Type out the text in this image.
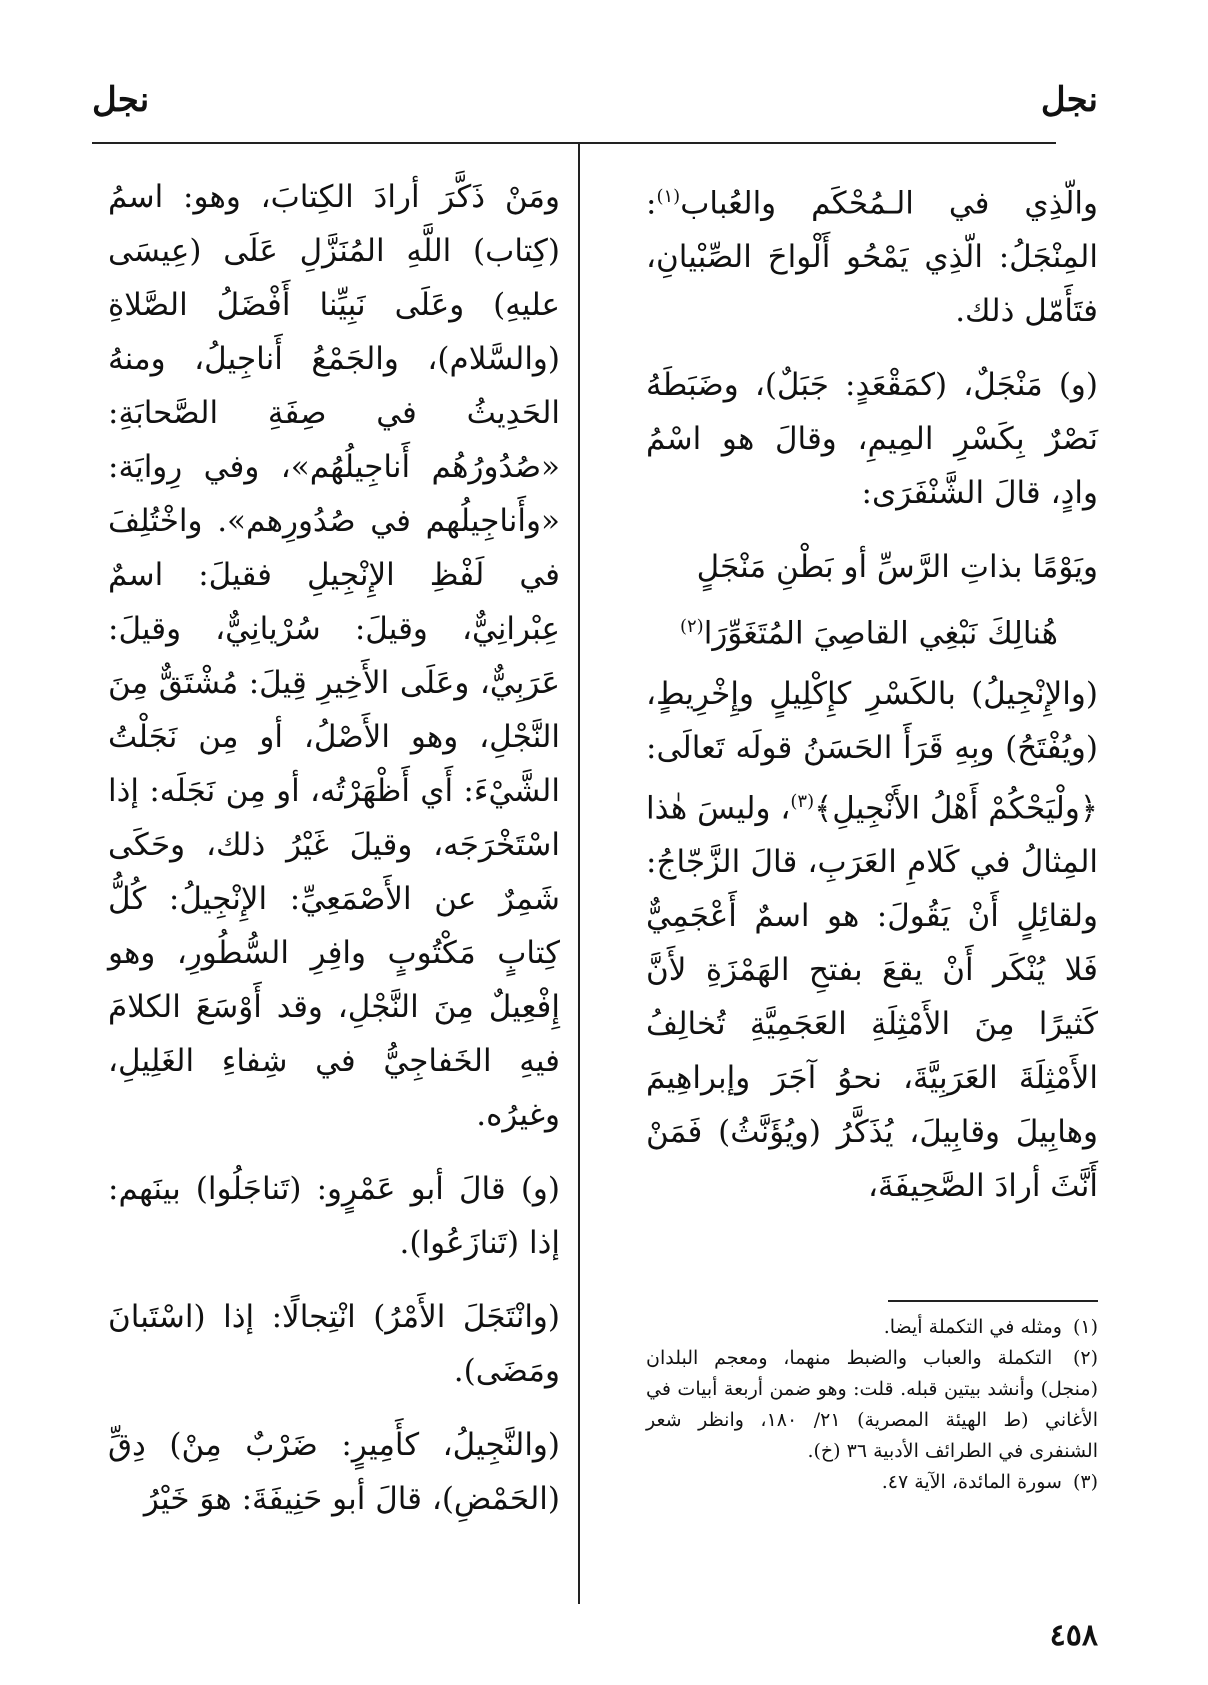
نجل
نجل

والّذِي في الـمُحْكَم والعُباب$^{(١)}$: المِنْجَلُ: الّذِي يَمْحُو أَلْواحَ الصِّبْيانِ، فتَأَمّل ذلك.

(و) مَنْجَلٌ، (كمَقْعَدٍ: جَبَلٌ)، وضَبَطَهُ نَصْرٌ بِكَسْرِ المِيمِ، وقالَ هو اسْمُ وادٍ، قالَ الشَّنْفَرَى:

ويَوْمًا بذاتِ الرَّسِّ أو بَطْنِ مَنْجَلٍ

هُنالِكَ نَبْغِي القاصِيَ المُتَغَوِّرَا$^{(٢)}$

(والإِنْجِيلُ) بالكَسْرِ كإِكْلِيلٍ وإِخْرِيطٍ، (ويُفْتَحُ) وبِهِ قَرَأَ الحَسَنُ قولَه تَعالَى: ﴿ولْيَحْكُمْ أَهْلُ الأَنْجِيلِ﴾$^{(٣)}$، وليسَ هٰذا المِثالُ في كَلامِ العَرَبِ، قالَ الزَّجّاجُ: ولقائِلٍ أَنْ يَقُولَ: هو اسمٌ أَعْجَمِيٌّ فَلا يُنْكَر أَنْ يقعَ بفتحِ الهَمْزَةِ لأَنَّ كَثيرًا مِنَ الأَمْثِلَةِ العَجَمِيَّةِ تُخالِفُ الأَمْثِلَةَ العَرَبِيَّةَ، نحوُ آجَرَ وإبراهِيمَ وهابِيلَ وقابِيلَ، يُذَكَّرُ (ويُؤَنَّثُ) فَمَنْ أَنَّثَ أرادَ الصَّحِيفَةَ،

ومَنْ ذَكَّرَ أرادَ الكِتابَ، وهو: اسمُ (كِتاب) اللَّهِ المُنَزَّلِ عَلَى (عِيسَى عليهِ) وعَلَى نَبِيِّنا أَفْضَلُ الصَّلاةِ (والسَّلام)، والجَمْعُ أَناجِيلُ، ومنهُ الحَدِيثُ في صِفَةِ الصَّحابَةِ: «صُدُورُهُم أَناجِيلُهُم»، وفي رِوايَة: «وأَناجِيلُهم في صُدُورِهم». واخْتُلِفَ في لَفْظِ الإِنْجِيلِ فقيلَ: اسمٌ عِبْرانِيٌّ، وقيلَ: سُرْيانِيٌّ، وقيلَ: عَرَبِيٌّ، وعَلَى الأَخِيرِ قِيلَ: مُشْتَقٌّ مِنَ النَّجْلِ، وهو الأَصْلُ، أو مِن نَجَلْتُ الشَّيْءَ: أَي أَظْهَرْتُه، أو مِن نَجَلَه: إذا اسْتَخْرَجَه، وقيلَ غَيْرُ ذلك، وحَكَى شَمِرٌ عن الأَصْمَعِيِّ: الإِنْجِيلُ: كُلُّ كِتابٍ مَكْتُوبٍ وافِرِ السُّطُورِ، وهو إِفْعِيلٌ مِنَ النَّجْلِ، وقد أَوْسَعَ الكلامَ فيهِ الخَفاجِيُّ في شِفاءِ الغَلِيلِ، وغيرُه.

(و) قالَ أبو عَمْرٍو: (تَناجَلُوا) بينَهم: إذا (تَنازَعُوا).

(وانْتَجَلَ الأَمْرُ) انْتِجالًا: إذا (اسْتَبانَ ومَضَى).

(والنَّجِيلُ، كأَمِيرٍ: ضَرْبٌ مِنْ) دِقِّ (الحَمْضِ)، قالَ أبو حَنِيفَةَ: هوَ خَيْرُ

(١) ومثله في التكملة أيضا.

(٢) التكملة والعباب والضبط منهما، ومعجم البلدان (منجل) وأنشد بيتين قبله. قلت: وهو ضمن أربعة أبيات في الأغاني (ط الهيئة المصرية) ٢١/ ١٨٠، وانظر شعر الشنفرى في الطرائف الأدبية ٣٦ (خ).

(٣) سورة المائدة، الآية ٤٧.

٤٥٨
